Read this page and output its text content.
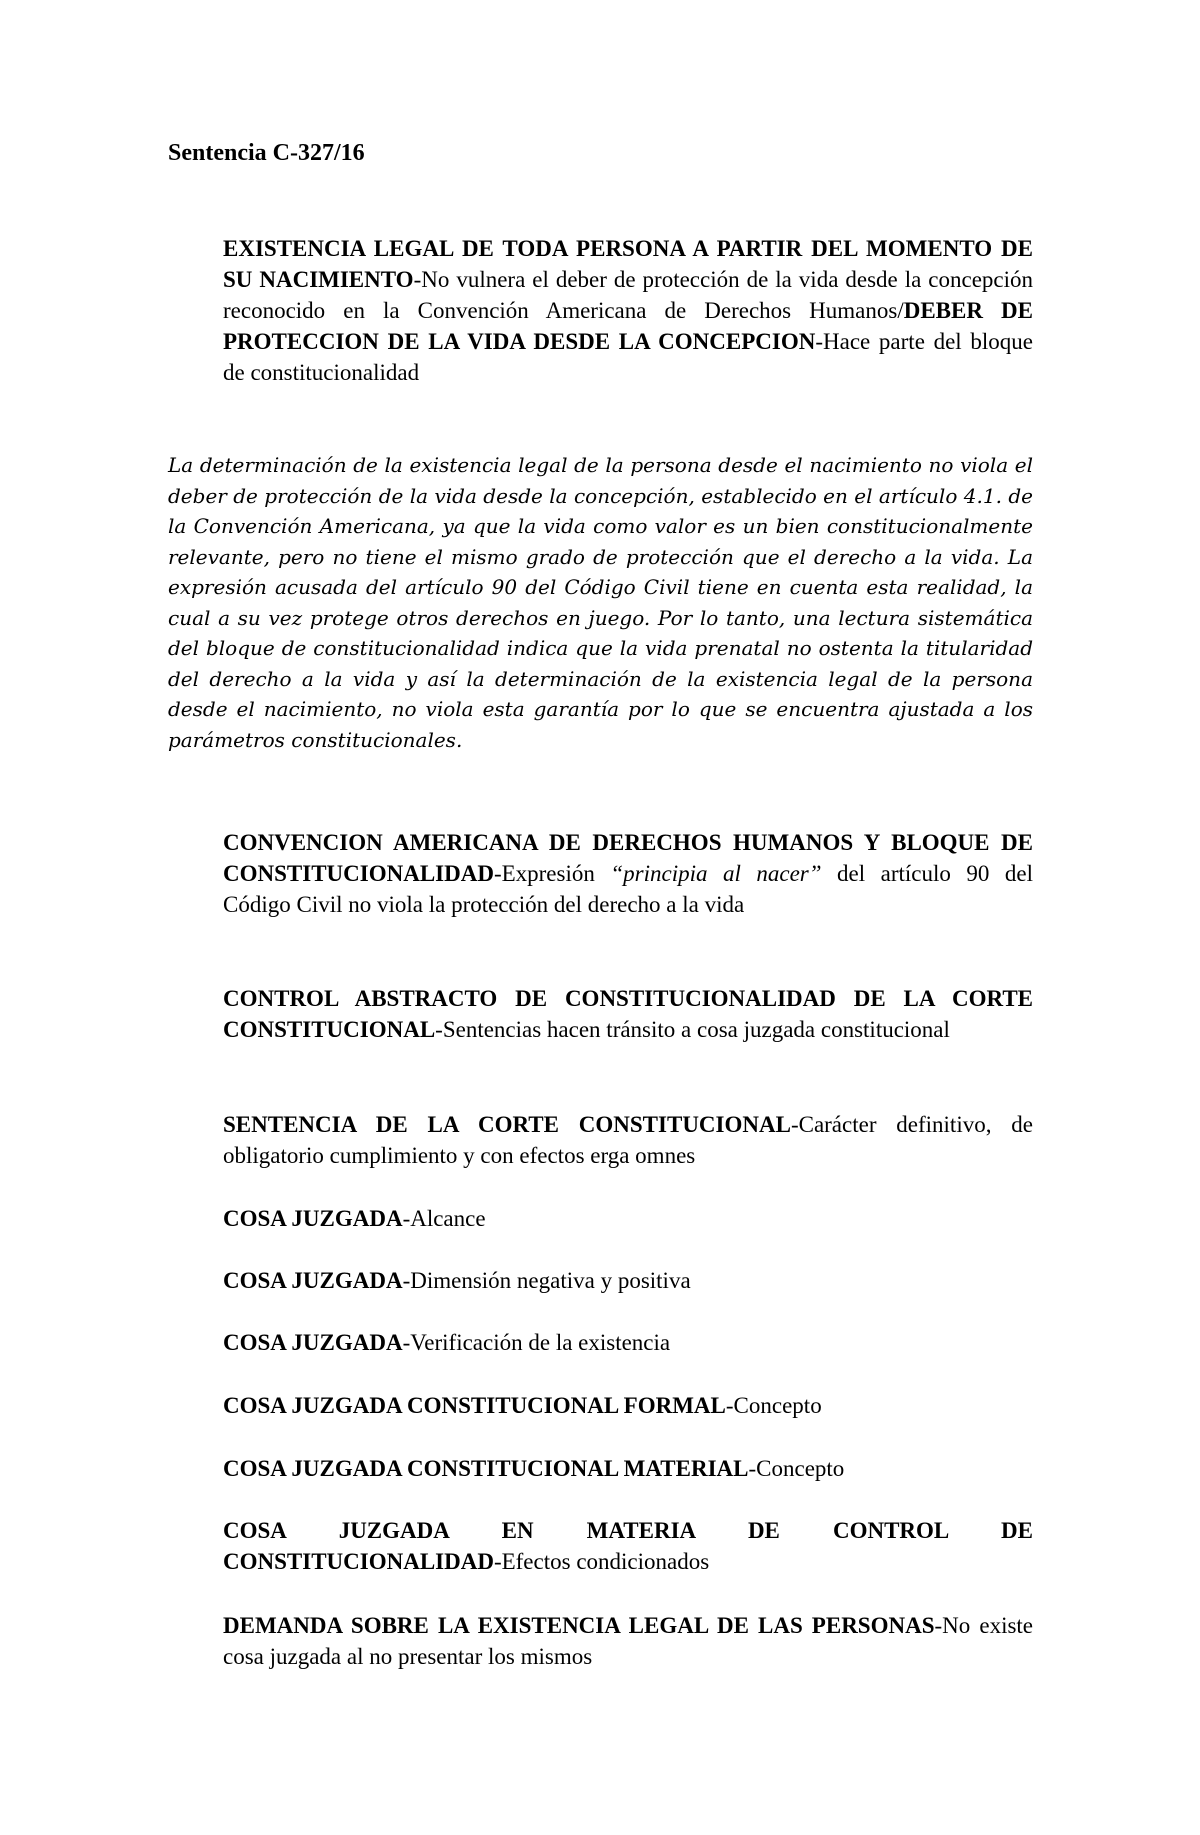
Sentencia C-327/16

EXISTENCIA LEGAL DE TODA PERSONA A PARTIR DEL MOMENTO DE SU NACIMIENTO-No vulnera el deber de protección de la vida desde la concepción reconocido en la Convención Americana de Derechos Humanos/DEBER DE PROTECCION DE LA VIDA DESDE LA CONCEPCION-Hace parte del bloque de constitucionalidad

La determinación de la existencia legal de la persona desde el nacimiento no viola el deber de protección de la vida desde la concepción, establecido en el artículo 4.1. de la Convención Americana, ya que la vida como valor es un bien constitucionalmente relevante, pero no tiene el mismo grado de protección que el derecho a la vida. La expresión acusada del artículo 90 del Código Civil tiene en cuenta esta realidad, la cual a su vez protege otros derechos en juego. Por lo tanto, una lectura sistemática del bloque de constitucionalidad indica que la vida prenatal no ostenta la titularidad del derecho a la vida y así la determinación de la existencia legal de la persona desde el nacimiento, no viola esta garantía por lo que se encuentra ajustada a los parámetros constitucionales.

CONVENCION AMERICANA DE DERECHOS HUMANOS Y BLOQUE DE CONSTITUCIONALIDAD-Expresión “principia al nacer” del artículo 90 del Código Civil no viola la protección del derecho a la vida

CONTROL ABSTRACTO DE CONSTITUCIONALIDAD DE LA CORTE CONSTITUCIONAL-Sentencias hacen tránsito a cosa juzgada constitucional

SENTENCIA DE LA CORTE CONSTITUCIONAL-Carácter definitivo, de obligatorio cumplimiento y con efectos erga omnes

COSA JUZGADA-Alcance

COSA JUZGADA-Dimensión negativa y positiva

COSA JUZGADA-Verificación de la existencia

COSA JUZGADA CONSTITUCIONAL FORMAL-Concepto

COSA JUZGADA CONSTITUCIONAL MATERIAL-Concepto

COSA JUZGADA EN MATERIA DE CONTROL DE CONSTITUCIONALIDAD-Efectos condicionados

DEMANDA SOBRE LA EXISTENCIA LEGAL DE LAS PERSONAS-No existe cosa juzgada al no presentar los mismos
